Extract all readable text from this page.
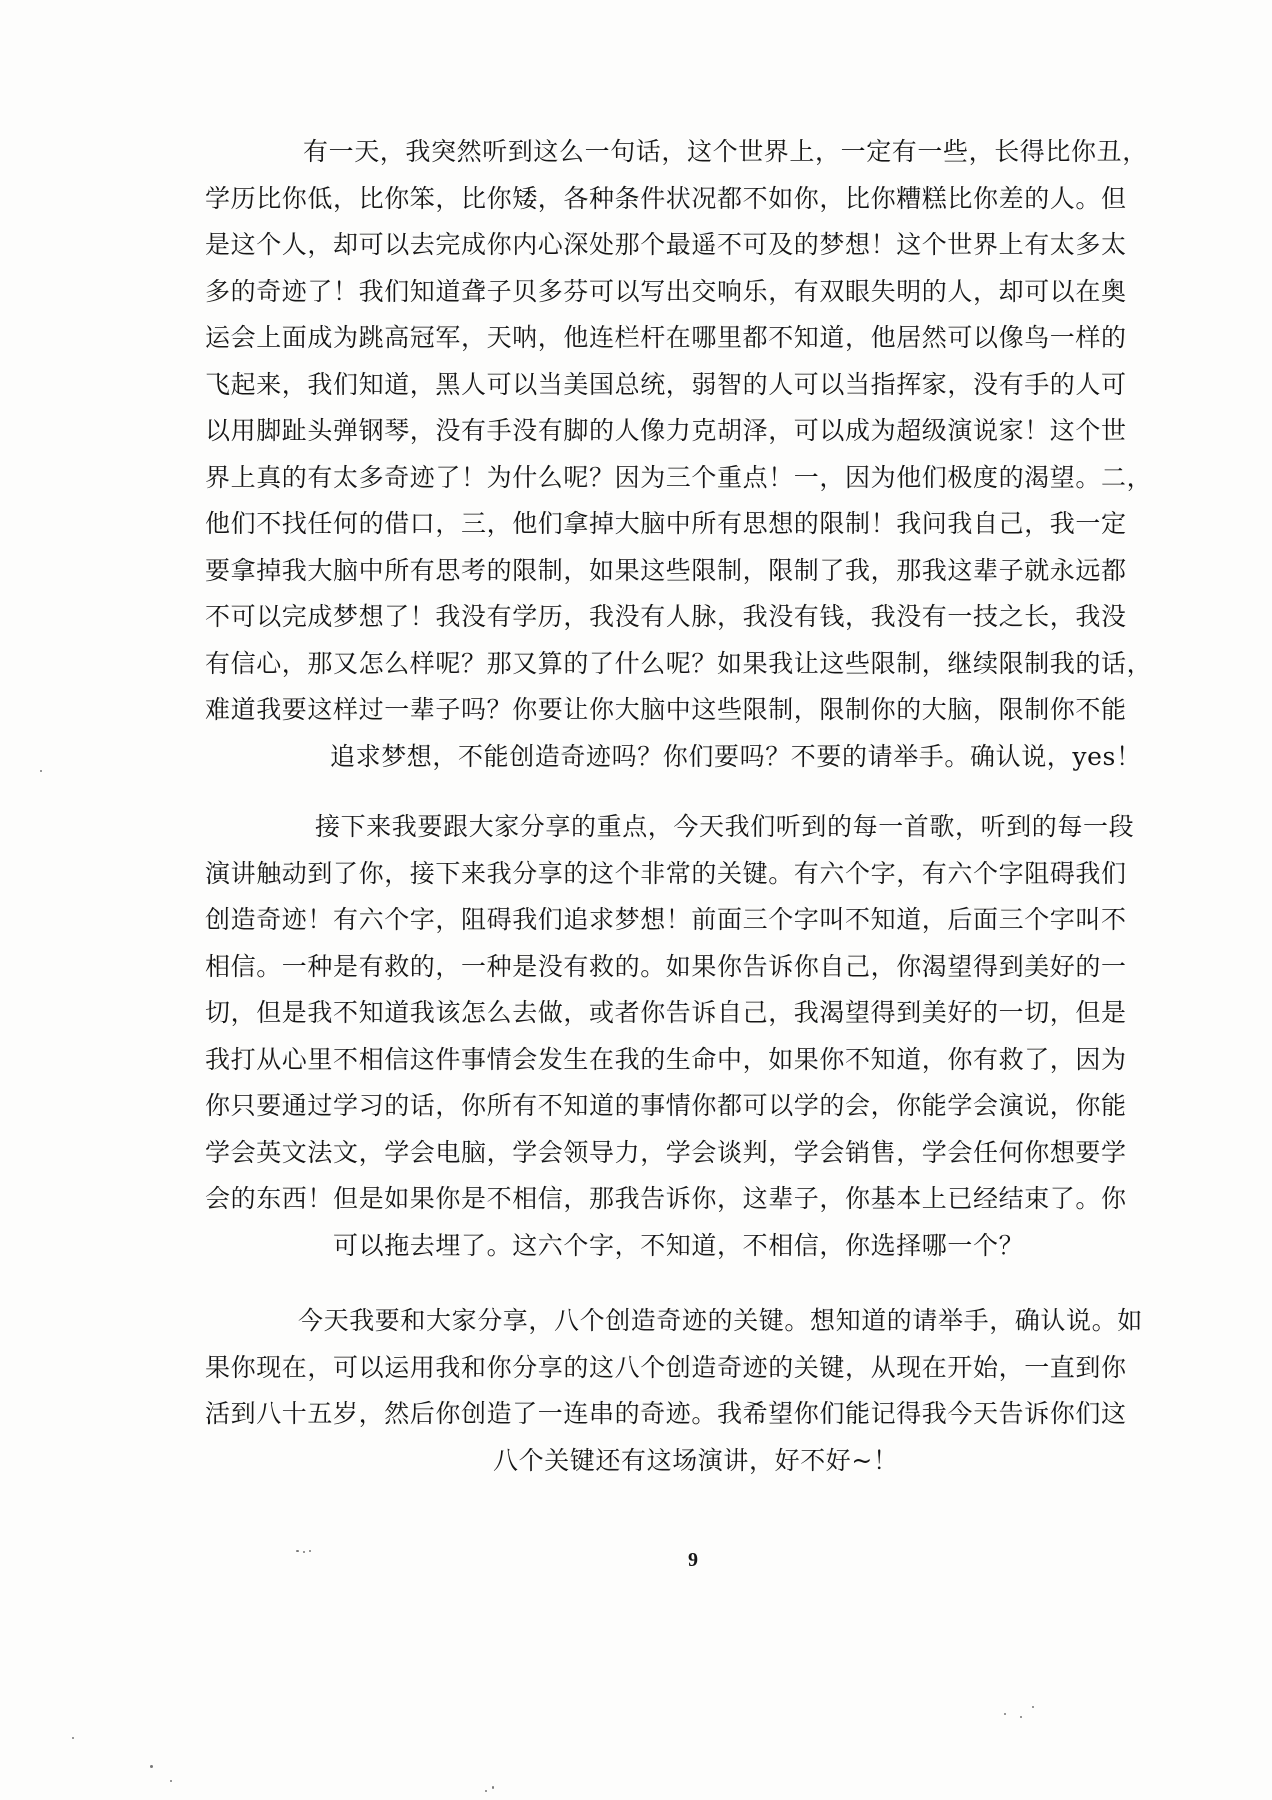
有一天，我突然听到这么一句话，这个世界上，一定有一些，长得比你丑，
学历比你低，比你笨，比你矮，各种条件状况都不如你，比你糟糕比你差的人。但
是这个人，却可以去完成你内心深处那个最遥不可及的梦想！这个世界上有太多太
多的奇迹了！我们知道聋子贝多芬可以写出交响乐，有双眼失明的人，却可以在奥
运会上面成为跳高冠军，天呐，他连栏杆在哪里都不知道，他居然可以像鸟一样的
飞起来，我们知道，黑人可以当美国总统，弱智的人可以当指挥家，没有手的人可
以用脚趾头弹钢琴，没有手没有脚的人像力克胡泽，可以成为超级演说家！这个世
界上真的有太多奇迹了！为什么呢？因为三个重点！一，因为他们极度的渴望。二，
他们不找任何的借口，三，他们拿掉大脑中所有思想的限制！我问我自己，我一定
要拿掉我大脑中所有思考的限制，如果这些限制，限制了我，那我这辈子就永远都
不可以完成梦想了！我没有学历，我没有人脉，我没有钱，我没有一技之长，我没
有信心，那又怎么样呢？那又算的了什么呢？如果我让这些限制，继续限制我的话，
难道我要这样过一辈子吗？你要让你大脑中这些限制，限制你的大脑，限制你不能
追求梦想，不能创造奇迹吗？你们要吗？不要的请举手。确认说，yes！
接下来我要跟大家分享的重点，今天我们听到的每一首歌，听到的每一段
演讲触动到了你，接下来我分享的这个非常的关键。有六个字，有六个字阻碍我们
创造奇迹！有六个字，阻碍我们追求梦想！前面三个字叫不知道，后面三个字叫不
相信。一种是有救的，一种是没有救的。如果你告诉你自己，你渴望得到美好的一
切，但是我不知道我该怎么去做，或者你告诉自己，我渴望得到美好的一切，但是
我打从心里不相信这件事情会发生在我的生命中，如果你不知道，你有救了，因为
你只要通过学习的话，你所有不知道的事情你都可以学的会，你能学会演说，你能
学会英文法文，学会电脑，学会领导力，学会谈判，学会销售，学会任何你想要学
会的东西！但是如果你是不相信，那我告诉你，这辈子，你基本上已经结束了。你
可以拖去埋了。这六个字，不知道，不相信，你选择哪一个？
今天我要和大家分享，八个创造奇迹的关键。想知道的请举手，确认说。如
果你现在，可以运用我和你分享的这八个创造奇迹的关键，从现在开始，一直到你
活到八十五岁，然后你创造了一连串的奇迹。我希望你们能记得我今天告诉你们这
八个关键还有这场演讲，好不好~！
9
